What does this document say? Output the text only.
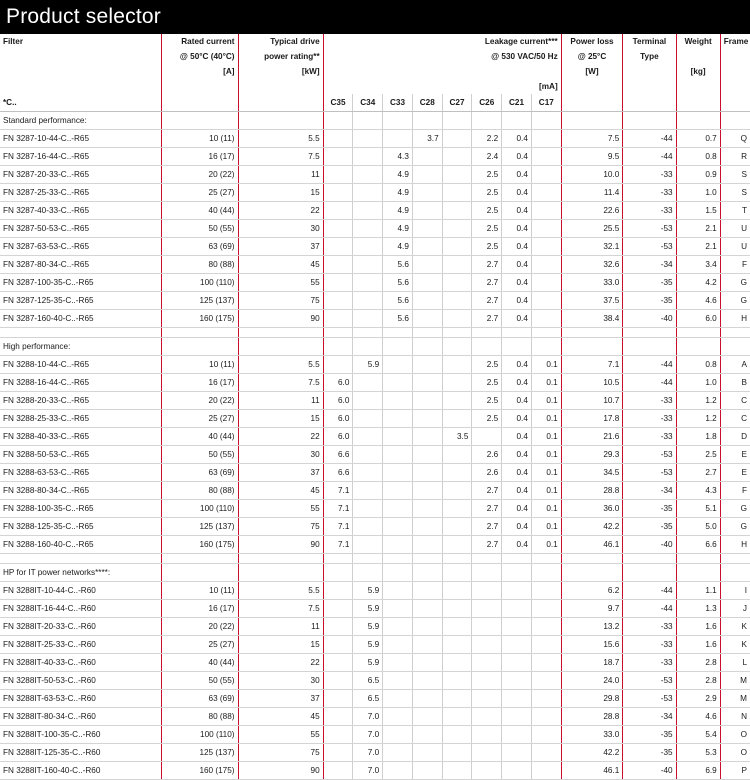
Product selector
Filter	Rated current	Typical drive	Leakage current***								Power loss	Terminal	Weight	Frame
	@ 50°C (40°C)	power rating**	@ 530 VAC/50 Hz								@ 25°C	Type		
	[A]	[kW]									[W]		[kg]	
			[mA]											
*C..			C35	C34	C33	C28	C27	C26	C21	C17				
Standard performance:														
FN 3287-10-44-C..-R65	10 (11)	5.5				3.7		2.2	0.4		7.5	-44	0.7	Q
FN 3287-16-44-C..-R65	16 (17)	7.5			4.3			2.4	0.4		9.5	-44	0.8	R
FN 3287-20-33-C..-R65	20 (22)	11			4.9			2.5	0.4		10.0	-33	0.9	S
FN 3287-25-33-C..-R65	25 (27)	15			4.9			2.5	0.4		11.4	-33	1.0	S
FN 3287-40-33-C..-R65	40 (44)	22			4.9			2.5	0.4		22.6	-33	1.5	T
FN 3287-50-53-C..-R65	50 (55)	30			4.9			2.5	0.4		25.5	-53	2.1	U
FN 3287-63-53-C..-R65	63 (69)	37			4.9			2.5	0.4		32.1	-53	2.1	U
FN 3287-80-34-C..-R65	80 (88)	45			5.6			2.7	0.4		32.6	-34	3.4	F
FN 3287-100-35-C..-R65	100 (110)	55			5.6			2.7	0.4		33.0	-35	4.2	G
FN 3287-125-35-C..-R65	125 (137)	75			5.6			2.7	0.4		37.5	-35	4.6	G
FN 3287-160-40-C..-R65	160 (175)	90			5.6			2.7	0.4		38.4	-40	6.0	H

High performance:														
FN 3288-10-44-C..-R65	10 (11)	5.5		5.9				2.5	0.4	0.1	7.1	-44	0.8	A
FN 3288-16-44-C..-R65	16 (17)	7.5	6.0					2.5	0.4	0.1	10.5	-44	1.0	B
FN 3288-20-33-C..-R65	20 (22)	11	6.0					2.5	0.4	0.1	10.7	-33	1.2	C
FN 3288-25-33-C..-R65	25 (27)	15	6.0					2.5	0.4	0.1	17.8	-33	1.2	C
FN 3288-40-33-C..-R65	40 (44)	22	6.0				3.5		0.4	0.1	21.6	-33	1.8	D
FN 3288-50-53-C..-R65	50 (55)	30	6.6					2.6	0.4	0.1	29.3	-53	2.5	E
FN 3288-63-53-C..-R65	63 (69)	37	6.6					2.6	0.4	0.1	34.5	-53	2.7	E
FN 3288-80-34-C..-R65	80 (88)	45	7.1					2.7	0.4	0.1	28.8	-34	4.3	F
FN 3288-100-35-C..-R65	100 (110)	55	7.1					2.7	0.4	0.1	36.0	-35	5.1	G
FN 3288-125-35-C..-R65	125 (137)	75	7.1					2.7	0.4	0.1	42.2	-35	5.0	G
FN 3288-160-40-C..-R65	160 (175)	90	7.1					2.7	0.4	0.1	46.1	-40	6.6	H

HP for IT power networks****:														
FN 3288IT-10-44-C..-R60	10 (11)	5.5		5.9							6.2	-44	1.1	I
FN 3288IT-16-44-C..-R60	16 (17)	7.5		5.9							9.7	-44	1.3	J
FN 3288IT-20-33-C..-R60	20 (22)	11		5.9							13.2	-33	1.6	K
FN 3288IT-25-33-C..-R60	25 (27)	15		5.9							15.6	-33	1.6	K
FN 3288IT-40-33-C..-R60	40 (44)	22		5.9							18.7	-33	2.8	L
FN 3288IT-50-53-C..-R60	50 (55)	30		6.5							24.0	-53	2.8	M
FN 3288IT-63-53-C..-R60	63 (69)	37		6.5							29.8	-53	2.9	M
FN 3288IT-80-34-C..-R60	80 (88)	45		7.0							28.8	-34	4.6	N
FN 3288IT-100-35-C..-R60	100 (110)	55		7.0							33.0	-35	5.4	O
FN 3288IT-125-35-C..-R60	125 (137)	75		7.0							42.2	-35	5.3	O
FN 3288IT-160-40-C..-R60	160 (175)	90		7.0							46.1	-40	6.9	P
